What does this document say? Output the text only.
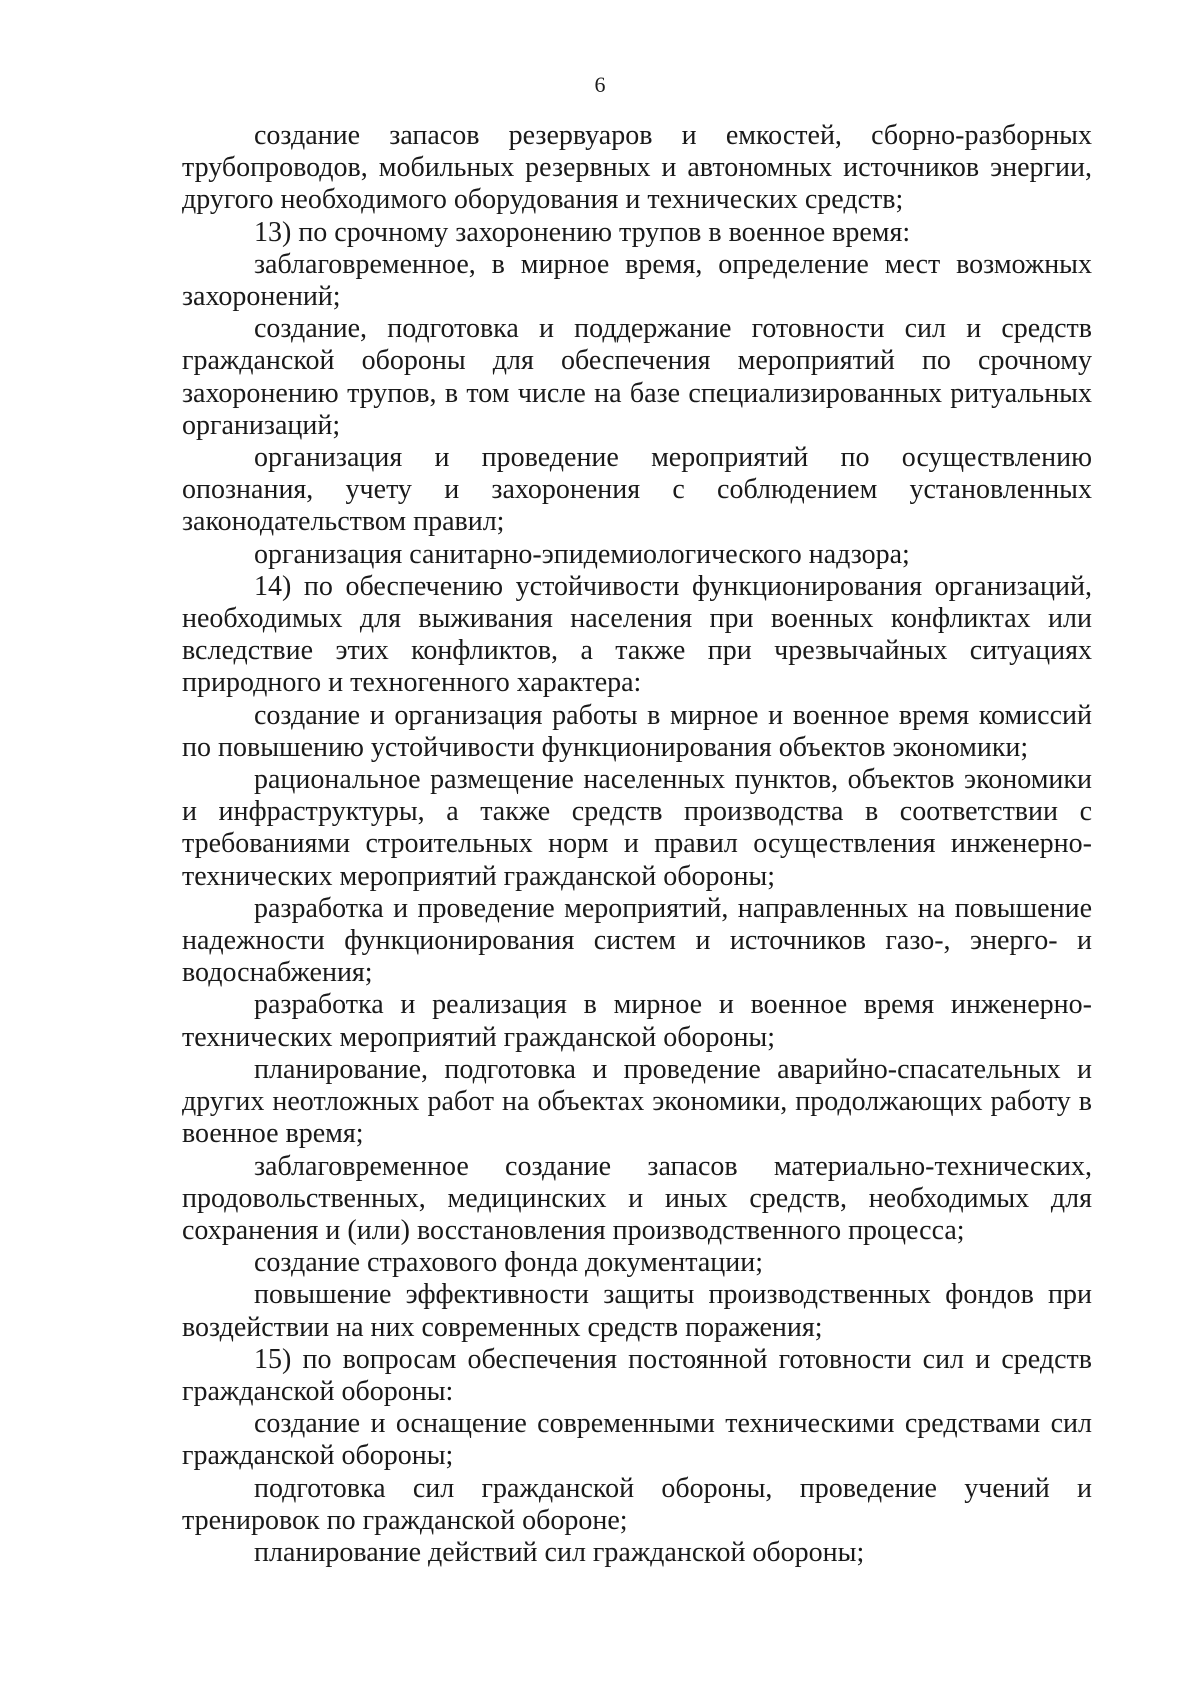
6

создание запасов резервуаров и емкостей, сборно-разборных трубопроводов, мобильных резервных и автономных источников энергии, другого необходимого оборудования и технических средств;

13) по срочному захоронению трупов в военное время:

заблаговременное, в мирное время, определение мест возможных захоронений;

создание, подготовка и поддержание готовности сил и средств гражданской обороны для обеспечения мероприятий по срочному захоронению трупов, в том числе на базе специализированных ритуальных организаций;

организация и проведение мероприятий по осуществлению опознания, учету и захоронения с соблюдением установленных законодательством правил;

организация санитарно-эпидемиологического надзора;

14) по обеспечению устойчивости функционирования организаций, необходимых для выживания населения при военных конфликтах или вследствие этих конфликтов, а также при чрезвычайных ситуациях природного и техногенного характера:

создание и организация работы в мирное и военное время комиссий по повышению устойчивости функционирования объектов экономики;

рациональное размещение населенных пунктов, объектов экономики и инфраструктуры, а также средств производства в соответствии с требованиями строительных норм и правил осуществления инженерно-технических мероприятий гражданской обороны;

разработка и проведение мероприятий, направленных на повышение надежности функционирования систем и источников газо-, энерго- и водоснабжения;

разработка и реализация в мирное и военное время инженерно-технических мероприятий гражданской обороны;

планирование, подготовка и проведение аварийно-спасательных и других неотложных работ на объектах экономики, продолжающих работу в военное время;

заблаговременное создание запасов материально-технических, продовольственных, медицинских и иных средств, необходимых для сохранения и (или) восстановления производственного процесса;

создание страхового фонда документации;

повышение эффективности защиты производственных фондов при воздействии на них современных средств поражения;

15) по вопросам обеспечения постоянной готовности сил и средств гражданской обороны:

создание и оснащение современными техническими средствами сил гражданской обороны;

подготовка сил гражданской обороны, проведение учений и тренировок по гражданской обороне;

планирование действий сил гражданской обороны;
